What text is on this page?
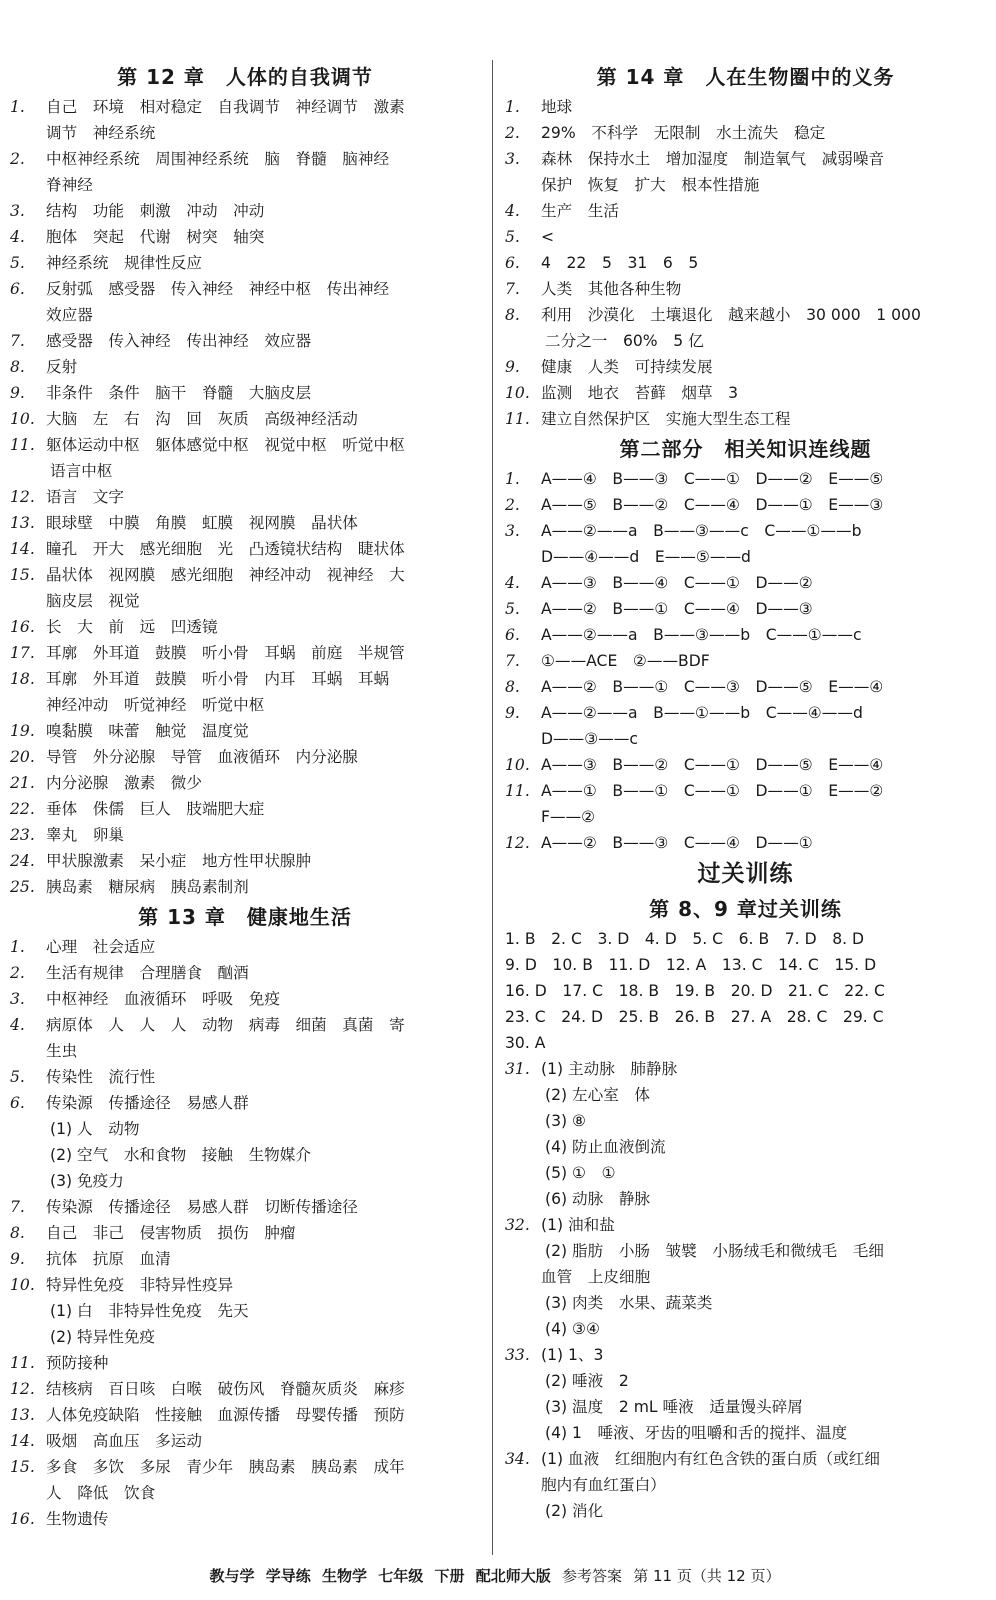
第 12 章　人体的自我调节
1. 自己　环境　相对稳定　自我调节　神经调节　激素
调节　神经系统
2. 中枢神经系统　周围神经系统　脑　脊髓　脑神经
脊神经
3. 结构　功能　刺激　冲动　冲动
4. 胞体　突起　代谢　树突　轴突
5. 神经系统　规律性反应
6. 反射弧　感受器　传入神经　神经中枢　传出神经
效应器
7. 感受器　传入神经　传出神经　效应器
8. 反射
9. 非条件　条件　脑干　脊髓　大脑皮层
10. 大脑　左　右　沟　回　灰质　高级神经活动
11. 躯体运动中枢　躯体感觉中枢　视觉中枢　听觉中枢
语言中枢
12. 语言　文字
13. 眼球壁　中膜　角膜　虹膜　视网膜　晶状体
14. 瞳孔　开大　感光细胞　光　凸透镜状结构　睫状体
15. 晶状体　视网膜　感光细胞　神经冲动　视神经　大
脑皮层　视觉
16. 长　大　前　远　凹透镜
17. 耳廓　外耳道　鼓膜　听小骨　耳蜗　前庭　半规管
18. 耳廓　外耳道　鼓膜　听小骨　内耳　耳蜗　耳蜗
神经冲动　听觉神经　听觉中枢
19. 嗅黏膜　味蕾　触觉　温度觉
20. 导管　外分泌腺　导管　血液循环　内分泌腺
21. 内分泌腺　激素　微少
22. 垂体　侏儒　巨人　肢端肥大症
23. 睾丸　卵巢
24. 甲状腺激素　呆小症　地方性甲状腺肿
25. 胰岛素　糖尿病　胰岛素制剂
第 13 章　健康地生活
1. 心理　社会适应
2. 生活有规律　合理膳食　酗酒
3. 中枢神经　血液循环　呼吸　免疫
4. 病原体　人　人　人　动物　病毒　细菌　真菌　寄
生虫
5. 传染性　流行性
6. 传染源　传播途径　易感人群
(1) 人　动物
(2) 空气　水和食物　接触　生物媒介
(3) 免疫力
7. 传染源　传播途径　易感人群　切断传播途径
8. 自己　非己　侵害物质　损伤　肿瘤
9. 抗体　抗原　血清
10. 特异性免疫　非特异性疫异
(1) 白　非特异性免疫　先天
(2) 特异性免疫
11. 预防接种
12. 结核病　百日咳　白喉　破伤风　脊髓灰质炎　麻疹
13. 人体免疫缺陷　性接触　血源传播　母婴传播　预防
14. 吸烟　高血压　多运动
15. 多食　多饮　多尿　青少年　胰岛素　胰岛素　成年
人　降低　饮食
16. 生物遗传
第 14 章　人在生物圈中的义务
1. 地球
2. 29%　不科学　无限制　水土流失　稳定
3. 森林　保持水土　增加湿度　制造氧气　减弱噪音
保护　恢复　扩大　根本性措施
4. 生产　生活
5. <
6. 4　22　5　31　6　5
7. 人类　其他各种生物
8. 利用　沙漠化　土壤退化　越来越小　30 000　1 000
二分之一　60%　5 亿
9. 健康　人类　可持续发展
10. 监测　地衣　苔藓　烟草　3
11. 建立自然保护区　实施大型生态工程
第二部分　相关知识连线题
1. A——④　B——③　C——①　D——②　E——⑤
2. A——⑤　B——②　C——④　D——①　E——③
3. A——②——a　B——③——c　C——①——b
D——④——d　E——⑤——d
4. A——③　B——④　C——①　D——②
5. A——②　B——①　C——④　D——③
6. A——②——a　B——③——b　C——①——c
7. ①——ACE　②——BDF
8. A——②　B——①　C——③　D——⑤　E——④
9. A——②——a　B——①——b　C——④——d
D——③——c
10. A——③　B——②　C——①　D——⑤　E——④
11. A——①　B——①　C——①　D——①　E——②
F——②
12. A——②　B——③　C——④　D——①
过关训练
第 8、9 章过关训练
1. B　2. C　3. D　4. D　5. C　6. B　7. D　8. D
9. D　10. B　11. D　12. A　13. C　14. C　15. D
16. D　17. C　18. B　19. B　20. D　21. C　22. C
23. C　24. D　25. B　26. B　27. A　28. C　29. C
30. A
31. (1) 主动脉　肺静脉
(2) 左心室　体
(3) ⑧
(4) 防止血液倒流
(5) ①　①
(6) 动脉　静脉
32. (1) 油和盐
(2) 脂肪　小肠　皱襞　小肠绒毛和微绒毛　毛细
血管　上皮细胞
(3) 肉类　水果、蔬菜类
(4) ③④
33. (1) 1、3
(2) 唾液　2
(3) 温度　2 mL 唾液　适量馒头碎屑
(4) 1　唾液、牙齿的咀嚼和舌的搅拌、温度
34. (1) 血液　红细胞内有红色含铁的蛋白质（或红细
胞内有血红蛋白）
(2) 消化
教与学 学导练 生物学 七年级 下册 配北师大版 参考答案 第 11 页（共 12 页）
